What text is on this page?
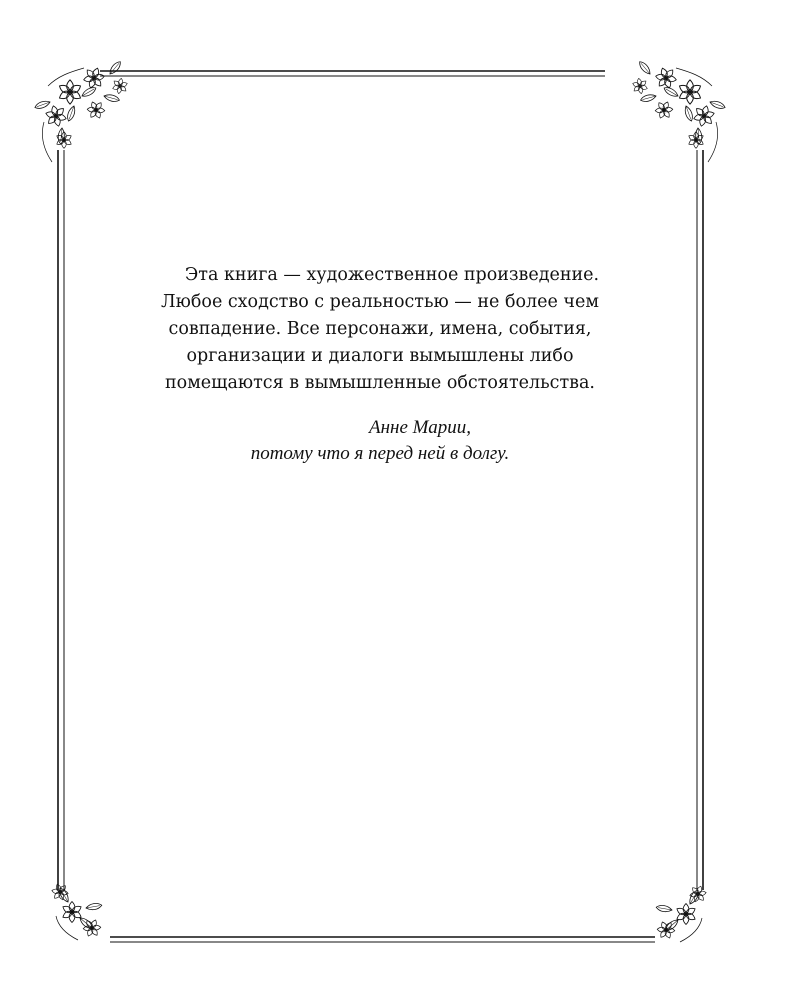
Эта книга — художественное произведение.
Любое сходство с реальностью — не более чем
совпадение. Все персонажи, имена, события,
организации и диалоги вымышлены либо
помещаются в вымышленные обстоятельства.

Анне Марии,
потому что я перед ней в долгу.
